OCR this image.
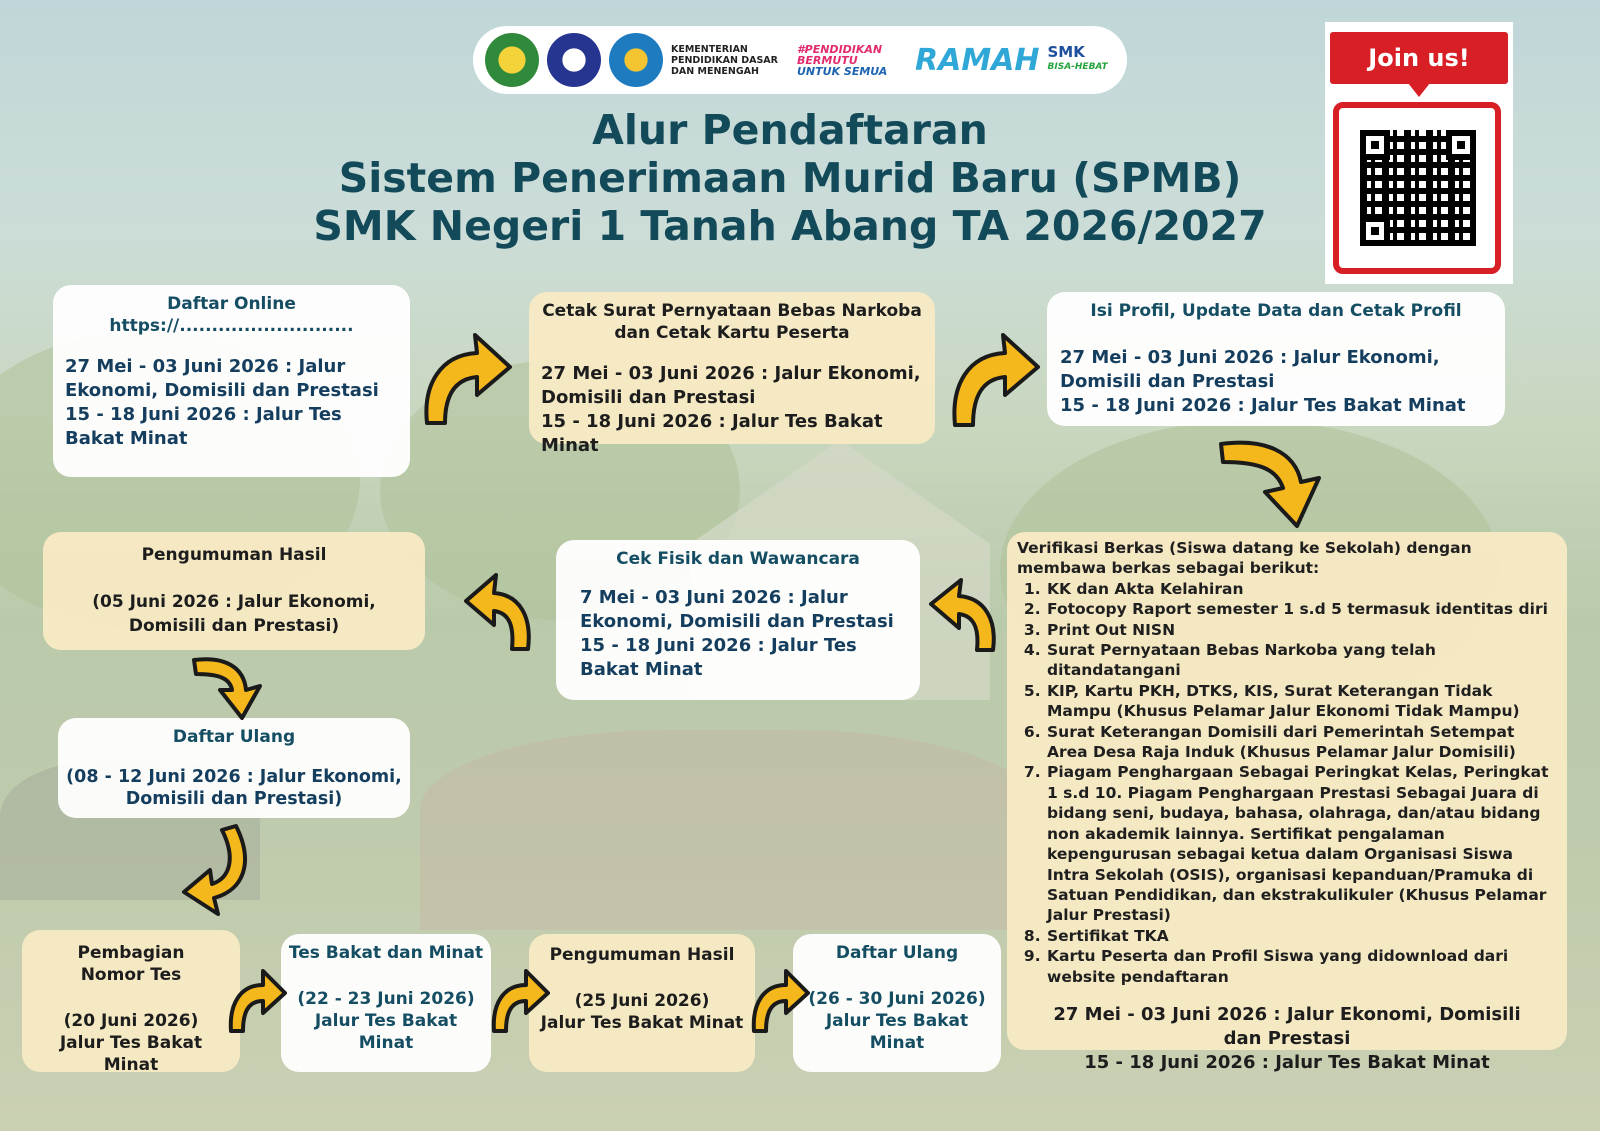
KEMENTERIAN PENDIDIKAN DASAR DAN MENENGAH
#PENDIDIKAN BERMUTU
UNTUK SEMUA RAMAH SMK
BISA-HEBAT
Alur Pendaftaran
Sistem Penerimaan Murid Baru (SPMB)
SMK Negeri 1 Tanah Abang TA 2026/2027
Join us!
Daftar Online
https://...........................
27 Mei - 03 Juni 2026 : Jalur Ekonomi, Domisili dan Prestasi
15 - 18 Juni 2026 : Jalur Tes Bakat Minat
Cetak Surat Pernyataan Bebas Narkoba dan Cetak Kartu Peserta
27 Mei - 03 Juni 2026 : Jalur Ekonomi, Domisili dan Prestasi
15 - 18 Juni 2026 : Jalur Tes Bakat Minat
Isi Profil, Update Data dan Cetak Profil
27 Mei - 03 Juni 2026 : Jalur Ekonomi, Domisili dan Prestasi
15 - 18 Juni 2026 : Jalur Tes Bakat Minat
Verifikasi Berkas (Siswa datang ke Sekolah) dengan membawa berkas sebagai berikut:
1. KK dan Akta Kelahiran
2. Fotocopy Raport semester 1 s.d 5 termasuk identitas diri
3. Print Out NISN
4. Surat Pernyataan Bebas Narkoba yang telah ditandatangani
5. KIP, Kartu PKH, DTKS, KIS, Surat Keterangan Tidak Mampu (Khusus Pelamar Jalur Ekonomi Tidak Mampu)
6. Surat Keterangan Domisili dari Pemerintah Setempat Area Desa Raja Induk (Khusus Pelamar Jalur Domisili)
7. Piagam Penghargaan Sebagai Peringkat Kelas, Peringkat 1 s.d 10. Piagam Penghargaan Prestasi Sebagai Juara di bidang seni, budaya, bahasa, olahraga, dan/atau bidang non akademik lainnya. Sertifikat pengalaman kepengurusan sebagai ketua dalam Organisasi Siswa Intra Sekolah (OSIS), organisasi kepanduan/Pramuka di Satuan Pendidikan, dan ekstrakulikuler (Khusus Pelamar Jalur Prestasi)
8. Sertifikat TKA
9. Kartu Peserta dan Profil Siswa yang didownload dari website pendaftaran
27 Mei - 03 Juni 2026 : Jalur Ekonomi, Domisili dan Prestasi
15 - 18 Juni 2026 : Jalur Tes Bakat Minat
Cek Fisik dan Wawancara
7 Mei - 03 Juni 2026 : Jalur Ekonomi, Domisili dan Prestasi
15 - 18 Juni 2026 : Jalur Tes Bakat Minat
Pengumuman Hasil
(05 Juni 2026 : Jalur Ekonomi, Domisili dan Prestasi)
Daftar Ulang
(08 - 12 Juni 2026 : Jalur Ekonomi, Domisili dan Prestasi)
Pembagian Nomor Tes
(20 Juni 2026)
Jalur Tes Bakat Minat
Tes Bakat dan Minat
(22 - 23 Juni 2026)
Jalur Tes Bakat Minat
Pengumuman Hasil
(25 Juni 2026)
Jalur Tes Bakat Minat
Daftar Ulang
(26 - 30 Juni 2026)
Jalur Tes Bakat Minat
